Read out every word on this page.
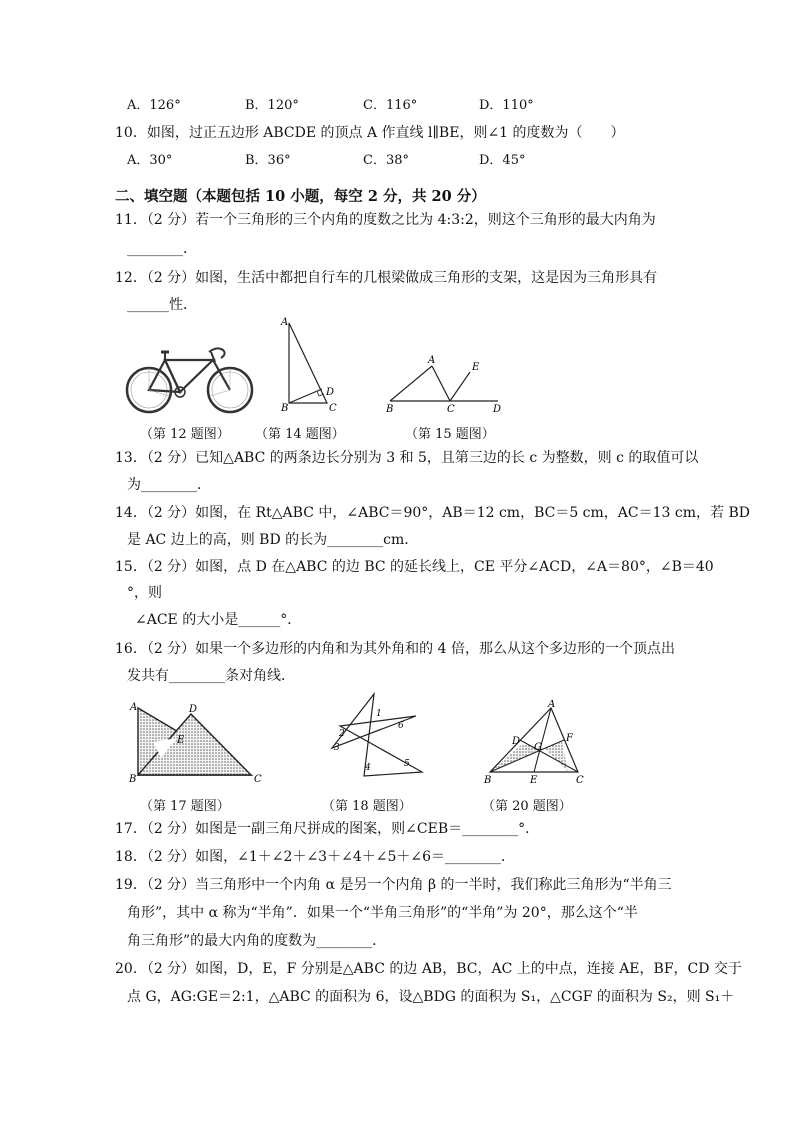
A．126°	B．120°	C．116°	D．110°
10．如图，过正五边形 ABCDE 的顶点 A 作直线 l∥BE，则∠1 的度数为（　　）
A．30°	B．36°	C．38°	D．45°
二、填空题（本题包括 10 小题，每空 2 分，共 20 分）
11．（2 分）若一个三角形的三个内角的度数之比为 4:3:2，则这个三角形的最大内角为
________．
12．（2 分）如图，生活中都把自行车的几根梁做成三角形的支架，这是因为三角形具有
______性．
A
B	C
D
A
B	C	D
E
（第 12 题图） （第 14 题图）	（第 15 题图）
13．（2 分）已知△ABC 的两条边长分别为 3 和 5，且第三边的长 c 为整数，则 c 的取值可以
为________．
14．（2 分）如图，在 Rt△ABC 中，∠ABC＝90°，AB＝12 cm，BC＝5 cm，AC＝13 cm，若 BD
是 AC 边上的高，则 BD 的长为________cm．
15．（2 分）如图，点 D 在△ABC 的边 BC 的延长线上，CE 平分∠ACD，∠A＝80°，∠B＝40
°，则
∠ACE 的大小是______°．
16．（2 分）如果一个多边形的内角和为其外角和的 4 倍，那么从这个多边形的一个顶点出
发共有________条对角线．
A
B	C
D
E
1
2
3
4	5
6
A
B	C
D
E
F
G
（第 17 题图）	（第 18 题图）	（第 20 题图）
17．（2 分）如图是一副三角尺拼成的图案，则∠CEB＝________°．
18．（2 分）如图，∠1＋∠2＋∠3＋∠4＋∠5＋∠6＝________．
19．（2 分）当三角形中一个内角 α 是另一个内角 β 的一半时，我们称此三角形为“半角三
角形”，其中 α 称为“半角”．如果一个“半角三角形”的“半角”为 20°，那么这个“半
角三角形”的最大内角的度数为________．
20．（2 分）如图，D，E，F 分别是△ABC 的边 AB，BC，AC 上的中点，连接 AE，BF，CD 交于
点 G，AG:GE＝2:1，△ABC 的面积为 6，设△BDG 的面积为 S₁，△CGF 的面积为 S₂，则 S₁＋
